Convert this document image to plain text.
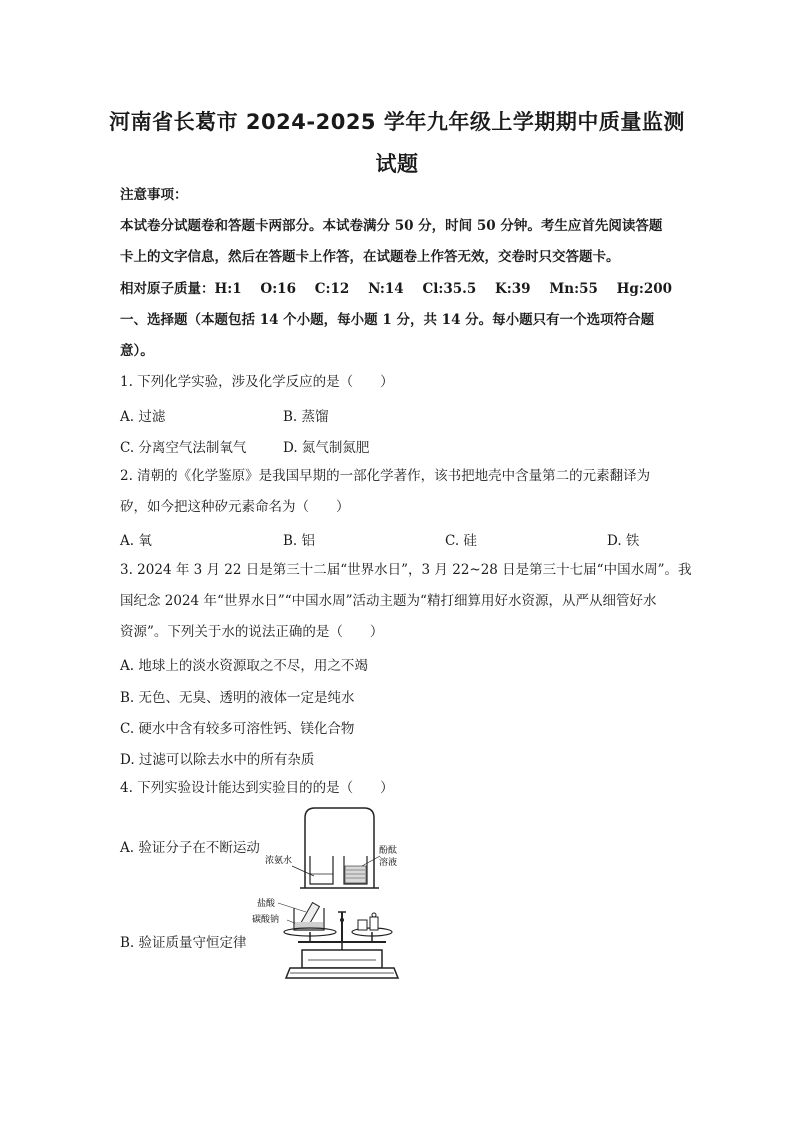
河南省长葛市 2024-2025 学年九年级上学期期中质量监测
试题
注意事项：
本试卷分试题卷和答题卡两部分。本试卷满分 50 分，时间 50 分钟。考生应首先阅读答题
卡上的文字信息，然后在答题卡上作答，在试题卷上作答无效，交卷时只交答题卡。
相对原子质量：H:1    O:16    C:12    N:14    Cl:35.5    K:39    Mn:55    Hg:200
一、选择题（本题包括 14 个小题，每小题 1 分，共 14 分。每小题只有一个选项符合题
意）。
1. 下列化学实验，涉及化学反应的是（　　）
A. 过滤	B. 蒸馏
C. 分离空气法制氧气	D. 氮气制氮肥
2. 清朝的《化学鉴原》是我国早期的一部化学著作，该书把地壳中含量第二的元素翻译为
矽，如今把这种矽元素命名为（　　）
A. 氧	B. 铝	C. 硅	D. 铁
3. 2024 年 3 月 22 日是第三十二届“世界水日”，3 月 22~28 日是第三十七届“中国水周”。我
国纪念 2024 年“世界水日”“中国水周”活动主题为“精打细算用好水资源，从严从细管好水
资源”。下列关于水的说法正确的是（　　）
A. 地球上的淡水资源取之不尽，用之不竭
B. 无色、无臭、透明的液体一定是纯水
C. 硬水中含有较多可溶性钙、镁化合物
D. 过滤可以除去水中的所有杂质
4. 下列实验设计能达到实验目的的是（　　）
A. 验证分子在不断运动
B. 验证质量守恒定律
浓氨水
酚酞
溶液
盐酸
碳酸钠
